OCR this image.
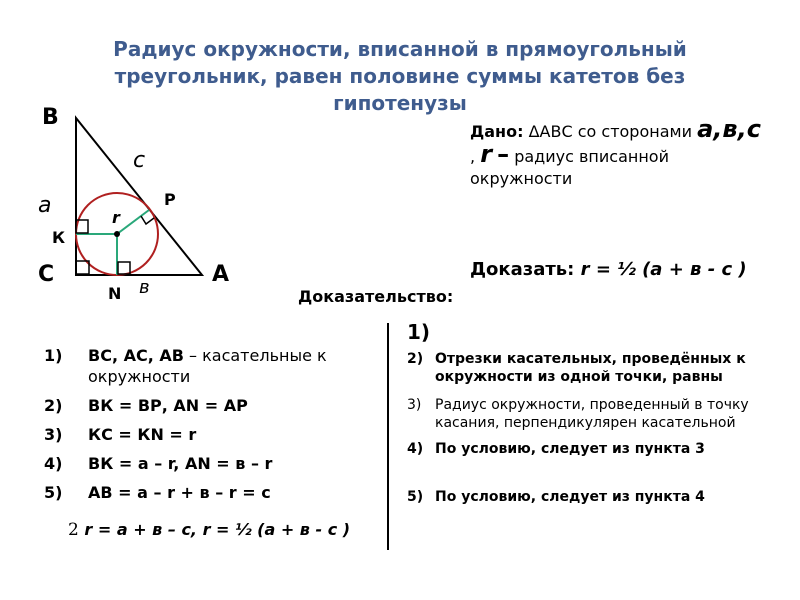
Радиус окружности, вписанной в прямоугольный треугольник, равен половине суммы катетов без гипотенузы
В
С	А
а
с
в
Р
К
N
r
Дано: ΔАВС со сторонами а,в,с , r – радиус вписанной окружности
Доказать: r = ½ (а + в - с )
Доказательство:
1)	ВС, АС, АВ – касательные к окружности
2)	ВК = ВР, АN = АР
3)	КС = КN = r
4)	ВК = а – r, АN = в – r
5)	АВ = а – r + в – r = с
2 r = а + в – с, r = ½ (а + в - с )
1)
2) Отрезки касательных, проведённых к окружности из одной точки, равны
3) Радиус окружности, проведенный в точку касания, перпендикулярен касательной
4) По условию, следует из пункта 3
5) По условию, следует из пункта 4
